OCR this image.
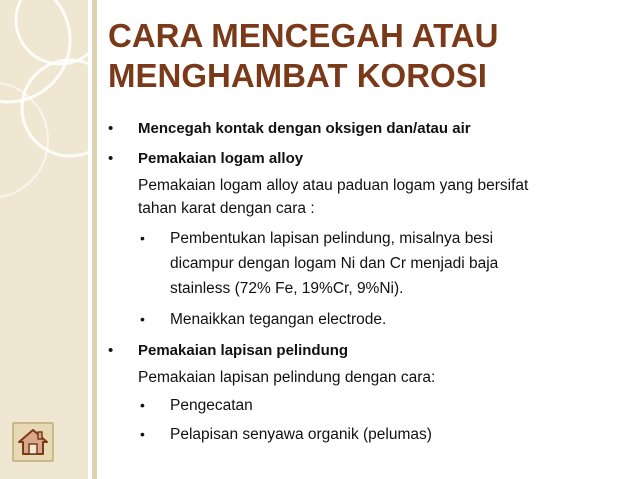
CARA MENCEGAH ATAU
MENGHAMBAT KOROSI
•	Mencegah kontak dengan oksigen dan/atau air
•	Pemakaian logam alloy
Pemakaian logam alloy atau paduan logam yang bersifat
tahan karat dengan cara :
•	Pembentukan lapisan pelindung, misalnya besi
dicampur dengan logam Ni dan Cr menjadi baja
stainless (72% Fe, 19%Cr, 9%Ni).
•	Menaikkan tegangan electrode.
•	Pemakaian lapisan pelindung
Pemakaian lapisan pelindung dengan cara:
•	Pengecatan
•	Pelapisan senyawa organik (pelumas)
